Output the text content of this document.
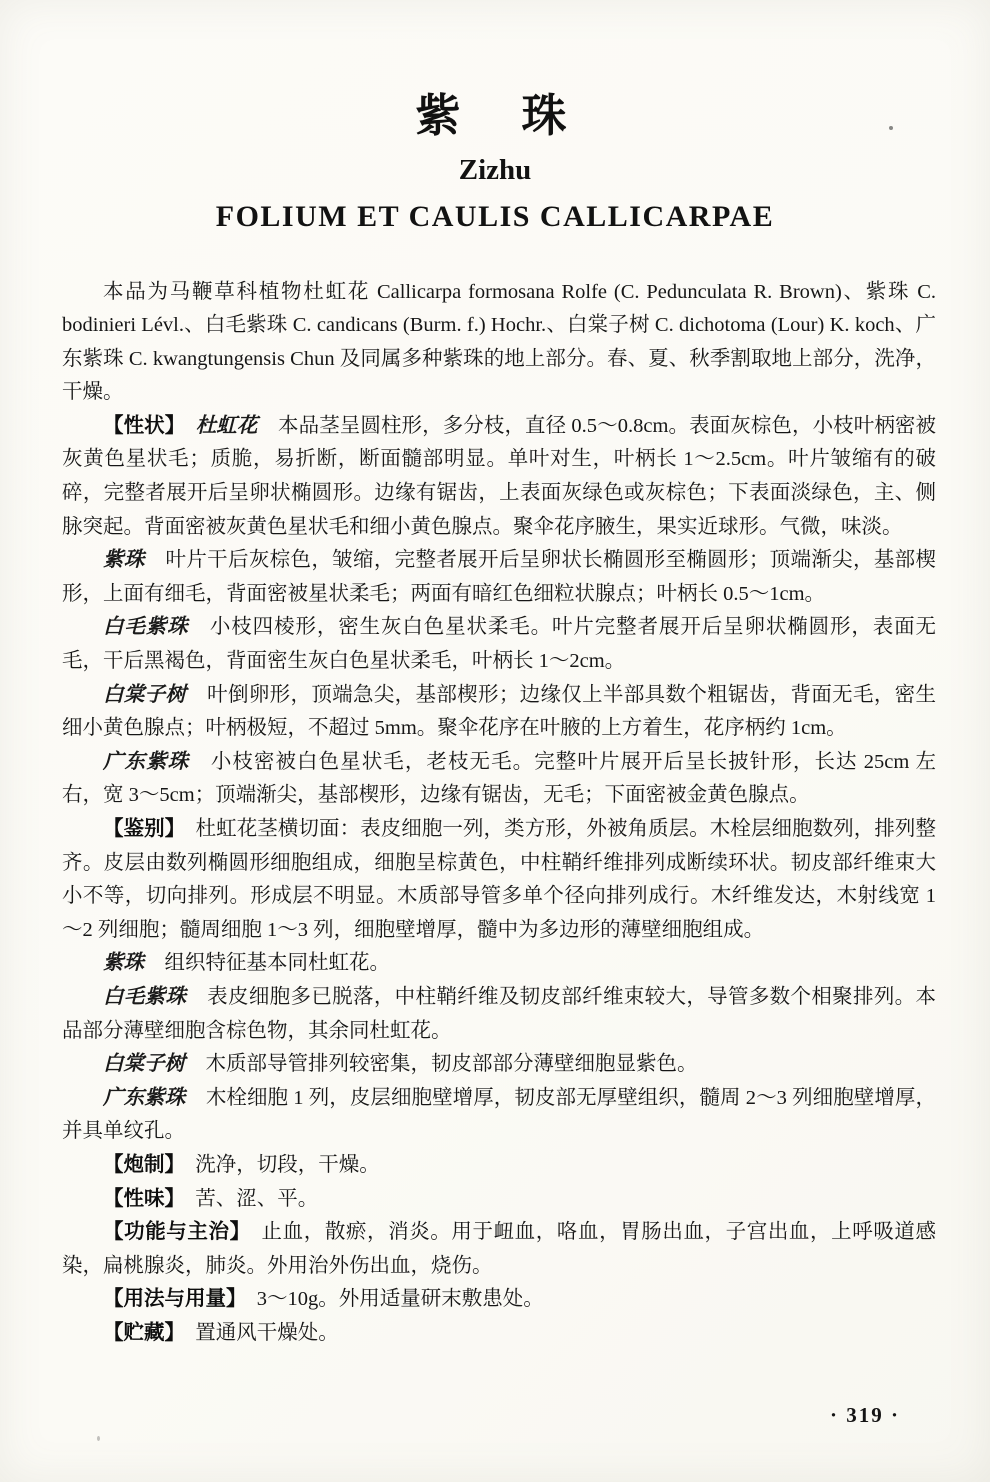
紫　珠
Zizhu
FOLIUM ET CAULIS CALLICARPAE

本品为马鞭草科植物杜虹花 Callicarpa formosana Rolfe (C. Pedunculata R. Brown)、紫珠 C. bodinieri Lévl.、白毛紫珠 C. candicans (Burm. f.) Hochr.、白棠子树 C. dichotoma (Lour) K. koch、广东紫珠 C. kwangtungensis Chun 及同属多种紫珠的地上部分。春、夏、秋季割取地上部分，洗净，干燥。

【性状】　杜虹花　本品茎呈圆柱形，多分枝，直径 0.5～0.8cm。表面灰棕色，小枝叶柄密被灰黄色星状毛；质脆，易折断，断面髓部明显。单叶对生，叶柄长 1～2.5cm。叶片皱缩有的破碎，完整者展开后呈卵状椭圆形。边缘有锯齿，上表面灰绿色或灰棕色；下表面淡绿色，主、侧脉突起。背面密被灰黄色星状毛和细小黄色腺点。聚伞花序腋生，果实近球形。气微，味淡。

紫珠　叶片干后灰棕色，皱缩，完整者展开后呈卵状长椭圆形至椭圆形；顶端渐尖，基部楔形，上面有细毛，背面密被星状柔毛；两面有暗红色细粒状腺点；叶柄长 0.5～1cm。

白毛紫珠　小枝四棱形，密生灰白色星状柔毛。叶片完整者展开后呈卵状椭圆形，表面无毛，干后黑褐色，背面密生灰白色星状柔毛，叶柄长 1～2cm。

白棠子树　叶倒卵形，顶端急尖，基部楔形；边缘仅上半部具数个粗锯齿，背面无毛，密生细小黄色腺点；叶柄极短，不超过 5mm。聚伞花序在叶腋的上方着生，花序柄约 1cm。

广东紫珠　小枝密被白色星状毛，老枝无毛。完整叶片展开后呈长披针形，长达 25cm 左右，宽 3～5cm；顶端渐尖，基部楔形，边缘有锯齿，无毛；下面密被金黄色腺点。

【鉴别】　杜虹花茎横切面：表皮细胞一列，类方形，外被角质层。木栓层细胞数列，排列整齐。皮层由数列椭圆形细胞组成，细胞呈棕黄色，中柱鞘纤维排列成断续环状。韧皮部纤维束大小不等，切向排列。形成层不明显。木质部导管多单个径向排列成行。木纤维发达，木射线宽 1～2 列细胞；髓周细胞 1～3 列，细胞壁增厚，髓中为多边形的薄壁细胞组成。

紫珠　组织特征基本同杜虹花。

白毛紫珠　表皮细胞多已脱落，中柱鞘纤维及韧皮部纤维束较大，导管多数个相聚排列。本品部分薄壁细胞含棕色物，其余同杜虹花。

白棠子树　木质部导管排列较密集，韧皮部部分薄壁细胞显紫色。

广东紫珠　木栓细胞 1 列，皮层细胞壁增厚，韧皮部无厚壁组织，髓周 2～3 列细胞壁增厚，并具单纹孔。

【炮制】　洗净，切段，干燥。

【性味】　苦、涩、平。

【功能与主治】　止血，散瘀，消炎。用于衄血，咯血，胃肠出血，子宫出血，上呼吸道感染，扁桃腺炎，肺炎。外用治外伤出血，烧伤。

【用法与用量】　3～10g。外用适量研末敷患处。

【贮藏】　置通风干燥处。

· 319 ·
